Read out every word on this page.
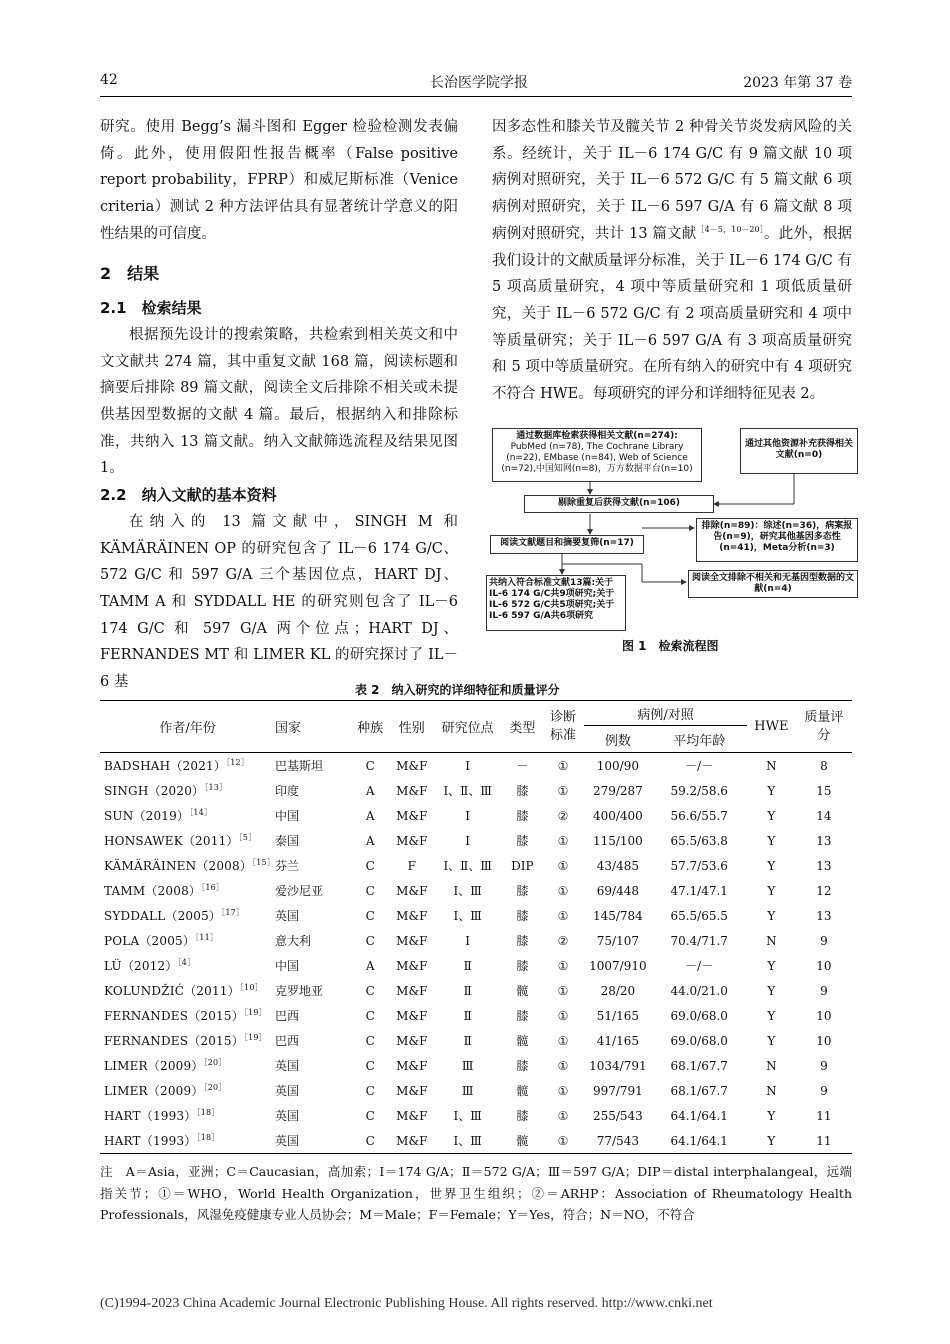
42	长治医学院学报	2023 年第 37 卷

研究。使用 Begg’s 漏斗图和 Egger 检验检测发表偏倚。此外，使用假阳性报告概率（False positive report probability，FPRP）和威尼斯标准（Venice criteria）测试 2 种方法评估具有显著统计学意义的阳性结果的可信度。

2　结果

2.1　检索结果

根据预先设计的搜索策略，共检索到相关英文和中文文献共 274 篇，其中重复文献 168 篇，阅读标题和摘要后排除 89 篇文献，阅读全文后排除不相关或未提供基因型数据的文献 4 篇。最后，根据纳入和排除标准，共纳入 13 篇文献。纳入文献筛选流程及结果见图 1。

2.2　纳入文献的基本资料

在纳入的 13 篇文献中，SINGH M 和 KÄMÄRÄINEN OP 的研究包含了 IL－6 174 G/C、572 G/C 和 597 G/A 三个基因位点，HART DJ、TAMM A 和 SYDDALL HE 的研究则包含了 IL－6 174 G/C 和 597 G/A 两个位点；HART DJ、FERNANDES MT 和 LIMER KL 的研究探讨了 IL－6 基

因多态性和膝关节及髋关节 2 种骨关节炎发病风险的关系。经统计，关于 IL－6 174 G/C 有 9 篇文献 10 项病例对照研究，关于 IL－6 572 G/C 有 5 篇文献 6 项病例对照研究，关于 IL－6 597 G/A 有 6 篇文献 8 项病例对照研究，共计 13 篇文献$^{[4-5,10-20]}$。此外，根据我们设计的文献质量评分标准，关于 IL－6 174 G/C 有 5 项高质量研究，4 项中等质量研究和 1 项低质量研究，关于 IL－6 572 G/C 有 2 项高质量研究和 4 项中等质量研究；关于 IL－6 597 G/A 有 3 项高质量研究和 5 项中等质量研究。在所有纳入的研究中有 4 项研究不符合 HWE。每项研究的评分和详细特征见表 2。

通过数据库检索获得相关文献(n=274):
PubMed (n=78), The Cochrane Library (n=22), EMbase (n=84), Web of Science (n=72),中国知网(n=8)，万方数据平台(n=10)
通过其他资源补充获得相关文献(n=0)
剔除重复后获得文献(n=106)
阅读文献题目和摘要复筛(n=17)
排除(n=89)：综述(n=36)，病案报告(n=9)，研究其他基因多态性(n=41)，Meta分析(n=3)
共纳入符合标准文献13篇:关于IL-6 174 G/C共9项研究;关于IL-6 572 G/C共5项研究;关于IL-6 597 G/A共6项研究
阅读全文排除不相关和无基因型数据的文献(n=4)
图 1　检索流程图
表 2　纳入研究的详细特征和质量评分
作者/年份	国家	种族	性别	研究位点	类型	诊断标准	病例/对照		HWE	质量评分
							例数	平均年龄		
$BADSHAH(2021)^{[12]}$	巴基斯坦	C	M&F	Ⅰ	－	①	100/90	－/－	N	8
$SINGH(2020)^{[13]}$	印度	A	M&F	Ⅰ、Ⅱ、Ⅲ	膝	①	279/287	59.2/58.6	Y	15
$SUN(2019)^{[14]}$	中国	A	M&F	Ⅰ	膝	②	400/400	56.6/55.7	Y	14
$HONSAWEK(2011)^{[5]}$	泰国	A	M&F	Ⅰ	膝	①	115/100	65.5/63.8	Y	13
$KÄMÄRÄINEN(2008)^{[15]}$	芬兰	C	F	Ⅰ、Ⅱ、Ⅲ	DIP	①	43/485	57.7/53.6	Y	13
$TAMM(2008)^{[16]}$	爱沙尼亚	C	M&F	Ⅰ、Ⅲ	膝	①	69/448	47.1/47.1	Y	12
$SYDDALL(2005)^{[17]}$	英国	C	M&F	Ⅰ、Ⅲ	膝	①	145/784	65.5/65.5	Y	13
$POLA(2005)^{[11]}$	意大利	C	M&F	Ⅰ	膝	②	75/107	70.4/71.7	N	9
$LÜ(2012)^{[4]}$	中国	A	M&F	Ⅱ	膝	①	1007/910	－/－	Y	10
$KOLUNDŽIĆ(2011)^{[10]}$	克罗地亚	C	M&F	Ⅱ	髋	①	28/20	44.0/21.0	Y	9
$FERNANDES(2015)^{[19]}$	巴西	C	M&F	Ⅱ	膝	①	51/165	69.0/68.0	Y	10
$FERNANDES(2015)^{[19]}$	巴西	C	M&F	Ⅱ	髋	①	41/165	69.0/68.0	Y	10
$LIMER(2009)^{[20]}$	英国	C	M&F	Ⅲ	膝	①	1034/791	68.1/67.7	N	9
$LIMER(2009)^{[20]}$	英国	C	M&F	Ⅲ	髋	①	997/791	68.1/67.7	N	9
$HART(1993)^{[18]}$	英国	C	M&F	Ⅰ、Ⅲ	膝	①	255/543	64.1/64.1	Y	11
$HART(1993)^{[18]}$	英国	C	M&F	Ⅰ、Ⅲ	髋	①	77/543	64.1/64.1	Y	11
注　A＝Asia，亚洲；C＝Caucasian，高加索；Ⅰ＝174 G/A；Ⅱ＝572 G/A；Ⅲ＝597 G/A；DIP＝distal interphalangeal，远端指关节；①＝WHO，World Health Organization，世界卫生组织；②＝ARHP：Association of Rheumatology Health Professionals，风湿免疫健康专业人员协会；M＝Male；F＝Female；Y＝Yes，符合；N＝NO，不符合
(C)1994-2023 China Academic Journal Electronic Publishing House. All rights reserved. http://www.cnki.net
